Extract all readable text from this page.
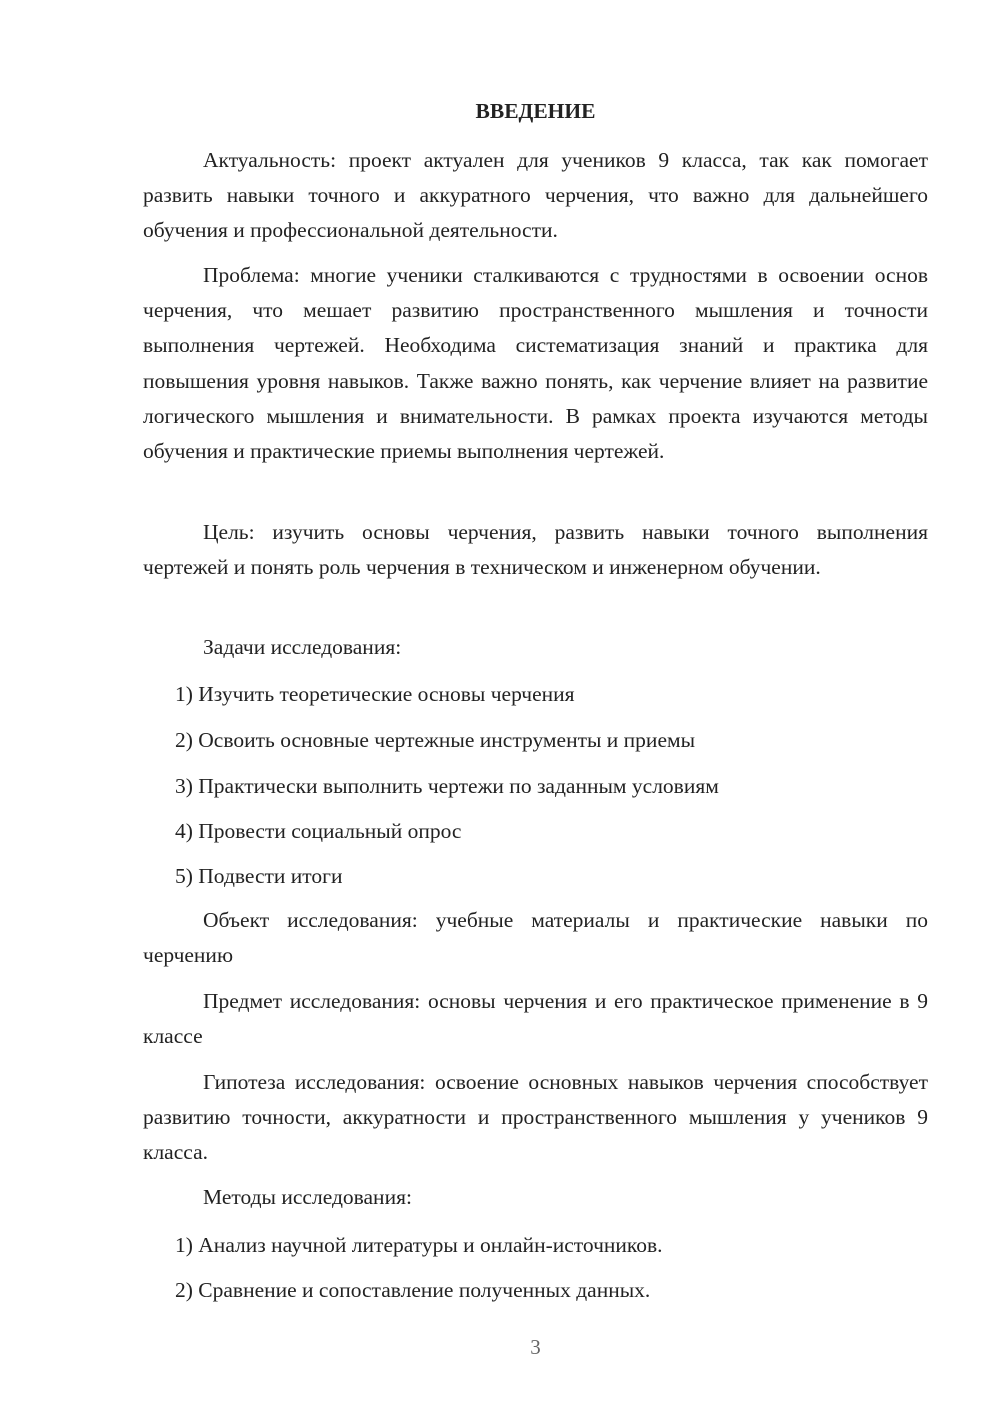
ВВЕДЕНИЕ

Актуальность: проект актуален для учеников 9 класса, так как помогает развить навыки точного и аккуратного черчения, что важно для дальнейшего обучения и профессиональной деятельности.

Проблема: многие ученики сталкиваются с трудностями в освоении основ черчения, что мешает развитию пространственного мышления и точности выполнения чертежей. Необходима систематизация знаний и практика для повышения уровня навыков. Также важно понять, как черчение влияет на развитие логического мышления и внимательности. В рамках проекта изучаются методы обучения и практические приемы выполнения чертежей.

Цель: изучить основы черчения, развить навыки точного выполнения чертежей и понять роль черчения в техническом и инженерном обучении.

Задачи исследования:

1) Изучить теоретические основы черчения

2) Освоить основные чертежные инструменты и приемы

3) Практически выполнить чертежи по заданным условиям

4) Провести социальный опрос

5) Подвести итоги

Объект исследования: учебные материалы и практические навыки по черчению

Предмет исследования: основы черчения и его практическое применение в 9 классе

Гипотеза исследования: освоение основных навыков черчения способствует развитию точности, аккуратности и пространственного мышления у учеников 9 класса.

Методы исследования:

1) Анализ научной литературы и онлайн-источников.

2) Сравнение и сопоставление полученных данных.

3
